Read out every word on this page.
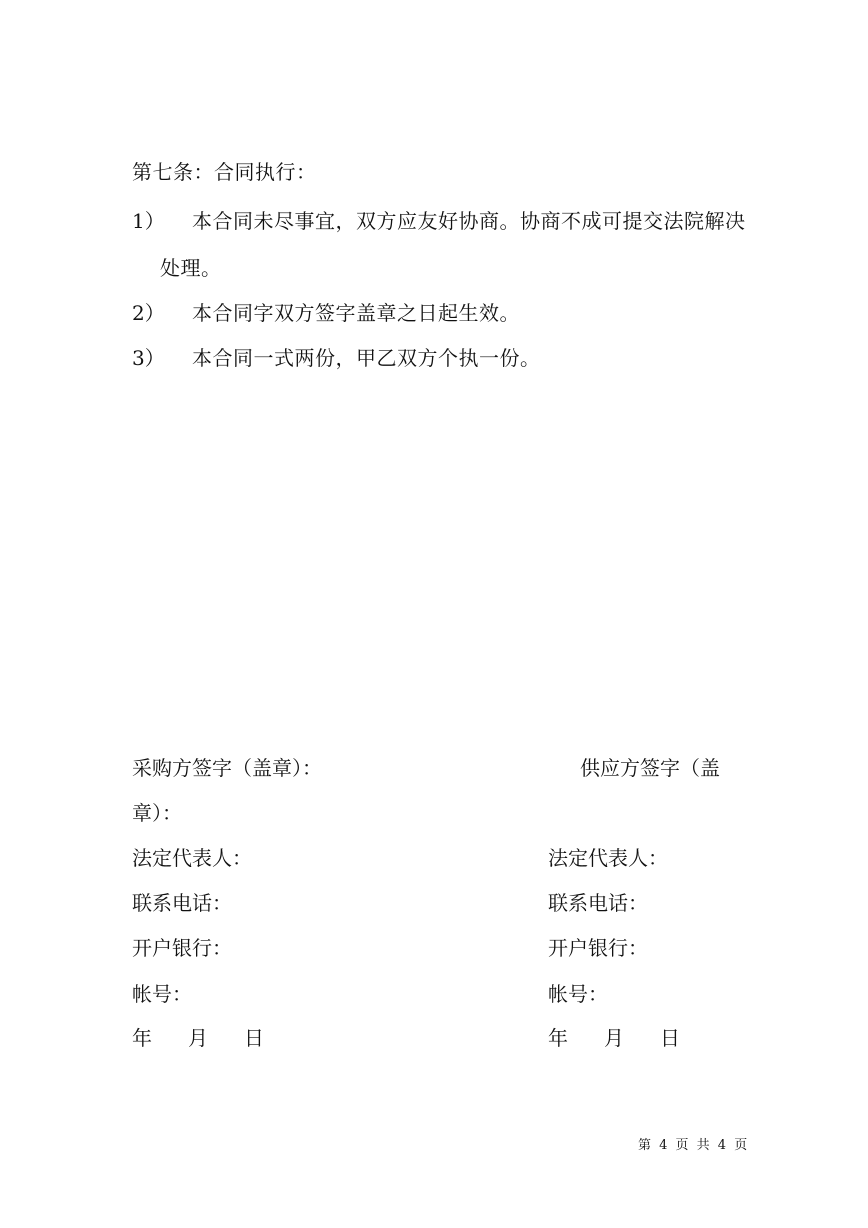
第七条：合同执行：
1） 本合同未尽事宜，双方应友好协商。协商不成可提交法院解决
处理。
2） 本合同字双方签字盖章之日起生效。
3） 本合同一式两份，甲乙双方个执一份。
采购方签字（盖章）：	供应方签字（盖
章）：
法定代表人：	法定代表人：
联系电话：	联系电话：
开户银行：	开户银行：
帐号：	帐号：
年 月 日	年 月 日
第 4 页 共 4 页
